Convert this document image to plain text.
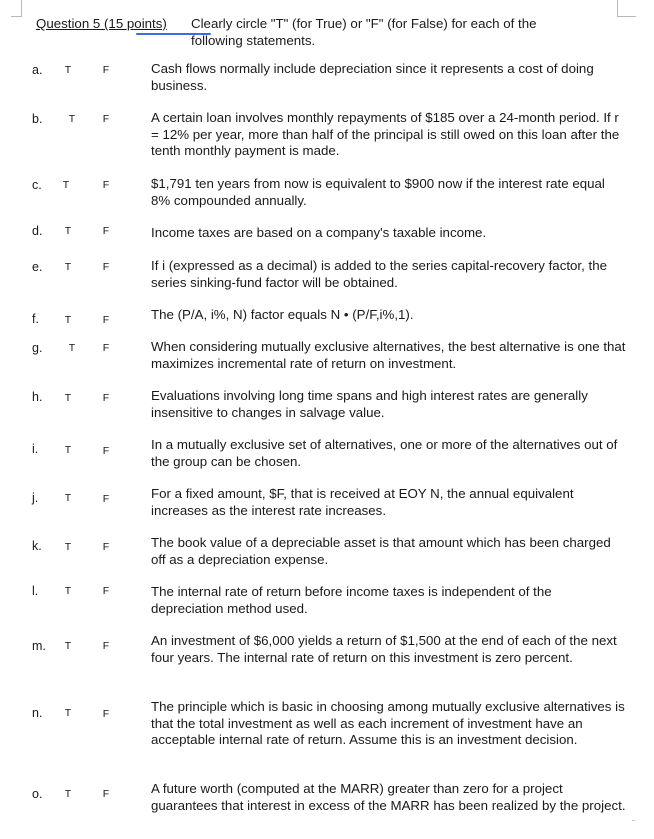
Question 5 (15 points) Clearly circle "T" (for True) or "F" (for False) for each of the following statements.
a. T	F	Cash flows normally include depreciation since it represents a cost of doing business.
b.	T	F	A certain loan involves monthly repayments of $185 over a 24-month period. If r = 12% per year, more than half of the principal is still owed on this loan after the tenth monthly payment is made.
c. T	F	$1,791 ten years from now is equivalent to $900 now if the interest rate equal 8% compounded annually.
d. T	F	Income taxes are based on a company's taxable income.
e. T	F	If i (expressed as a decimal) is added to the series capital-recovery factor, the series sinking-fund factor will be obtained.
f. T	F	The (P/A, i%, N) factor equals N • (P/F,i%,1).
g.	T	F	When considering mutually exclusive alternatives, the best alternative is one that maximizes incremental rate of return on investment.
h. T	F	Evaluations involving long time spans and high interest rates are generally insensitive to changes in salvage value.
i.	T	F	In a mutually exclusive set of alternatives, one or more of the alternatives out of the group can be chosen.
j.	T	F	For a fixed amount, $F, that is received at EOY N, the annual equivalent increases as the interest rate increases.
k. T	F	The book value of a depreciable asset is that amount which has been charged off as a depreciation expense.
l.	T	F	The internal rate of return before income taxes is independent of the depreciation method used.
m. T	F	An investment of $6,000 yields a return of $1,500 at the end of each of the next four years. The internal rate of return on this investment is zero percent.
n. T	F	The principle which is basic in choosing among mutually exclusive alternatives is that the total investment as well as each increment of investment have an acceptable internal rate of return. Assume this is an investment decision.
o. T	F	A future worth (computed at the MARR) greater than zero for a project guarantees that interest in excess of the MARR has been realized by the project.
